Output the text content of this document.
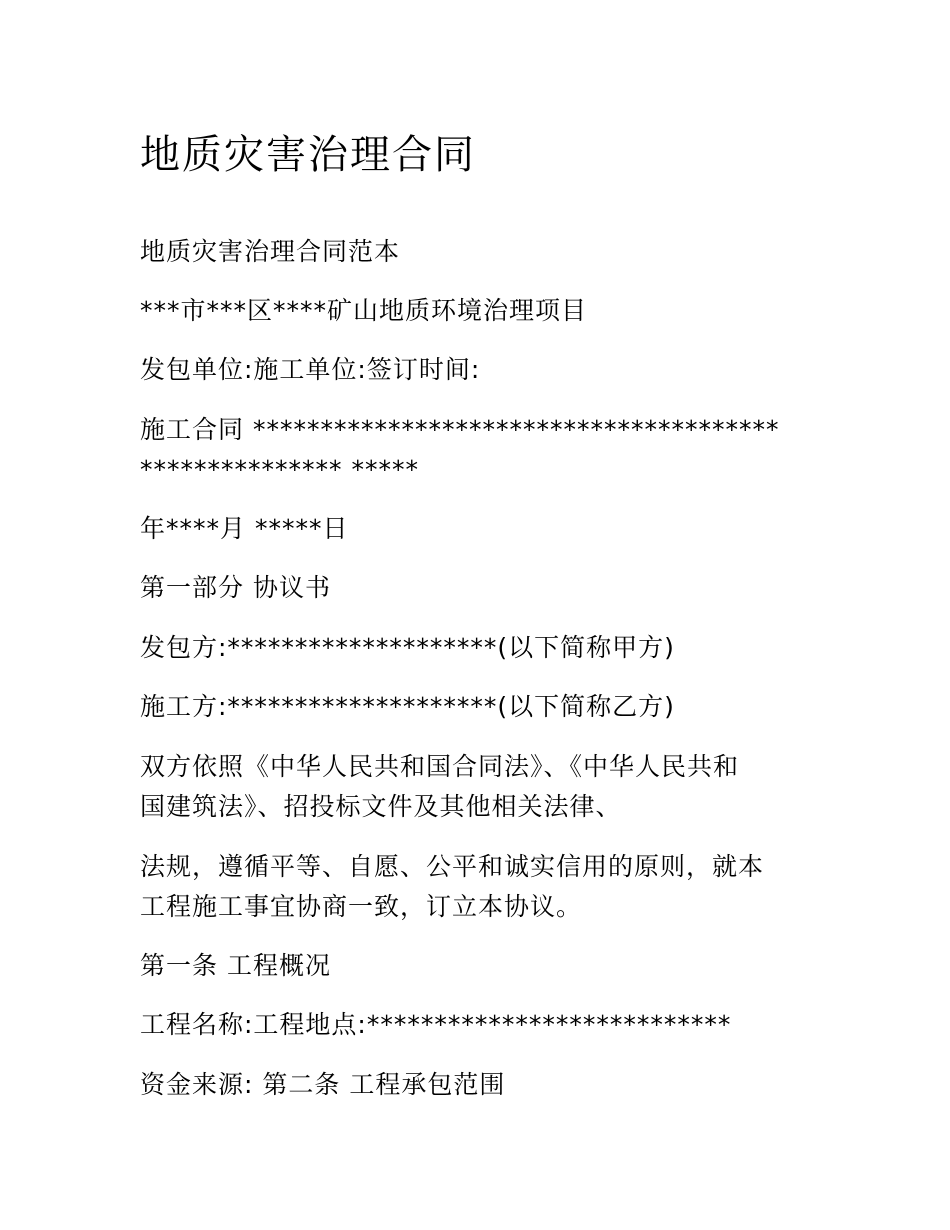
地质灾害治理合同
地质灾害治理合同范本
***市***区****矿山地质环境治理项目
发包单位:施工单位:签订时间:
施工合同 ***************************************
*************** *****
年****月 *****日
第一部分 协议书
发包方:********************(以下简称甲方)
施工方:********************(以下简称乙方)
双方依照《中华人民共和国合同法》、《中华人民共和
国建筑法》、招投标文件及其他相关法律、
法规，遵循平等、自愿、公平和诚实信用的原则，就本
工程施工事宜协商一致，订立本协议。
第一条 工程概况
工程名称:工程地点:***************************
资金来源: 第二条 工程承包范围
